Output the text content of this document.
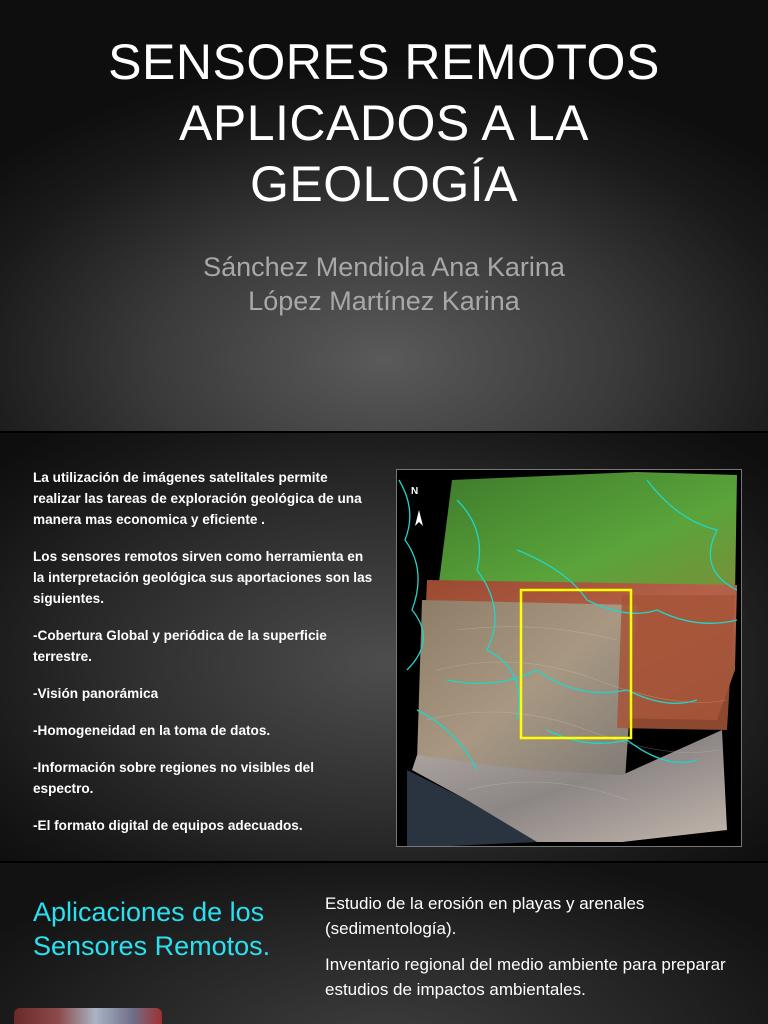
SENSORES REMOTOS
APLICADOS A LA
GEOLOGÍA
Sánchez Mendiola Ana Karina
López Martínez Karina

La utilización de imágenes satelitales permite realizar las tareas de exploración geológica de una manera mas economica y eficiente .

Los sensores remotos sirven como herramienta en la interpretación geológica sus aportaciones son las siguientes.

-Cobertura Global y periódica de la superficie terrestre.

-Visión panorámica

-Homogeneidad en la toma de datos.

-Información sobre regiones no visibles del espectro.

-El formato digital de equipos adecuados.

N
Aplicaciones de los Sensores Remotos.

Estudio de la erosión en playas y arenales (sedimentología).

Inventario regional del medio ambiente para preparar estudios de impactos ambientales.
